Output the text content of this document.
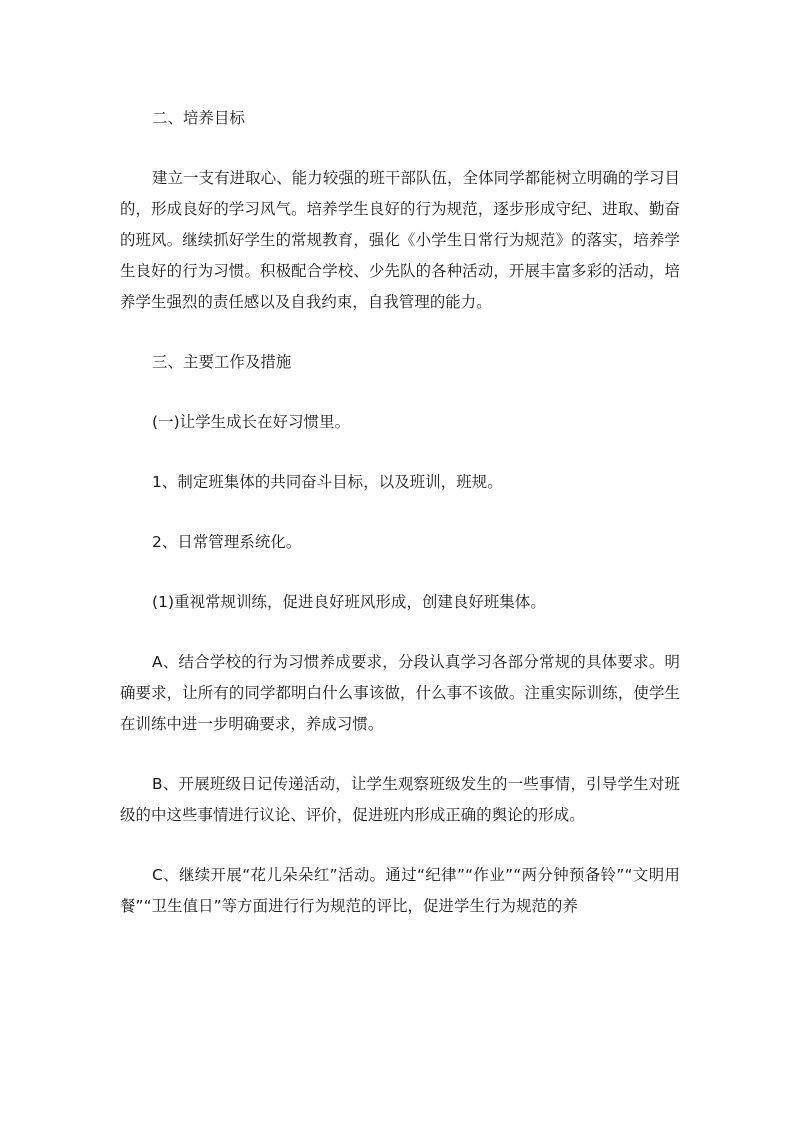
二、培养目标

建立一支有进取心、能力较强的班干部队伍，全体同学都能树立明确的学习目的，形成良好的学习风气。培养学生良好的行为规范，逐步形成守纪、进取、勤奋的班风。继续抓好学生的常规教育，强化《小学生日常行为规范》的落实，培养学生良好的行为习惯。积极配合学校、少先队的各种活动，开展丰富多彩的活动，培养学生强烈的责任感以及自我约束，自我管理的能力。

三、主要工作及措施

(一)让学生成长在好习惯里。

1、制定班集体的共同奋斗目标，以及班训，班规。

2、日常管理系统化。

(1)重视常规训练，促进良好班风形成，创建良好班集体。

A、结合学校的行为习惯养成要求，分段认真学习各部分常规的具体要求。明确要求，让所有的同学都明白什么事该做，什么事不该做。注重实际训练，使学生在训练中进一步明确要求，养成习惯。

B、开展班级日记传递活动，让学生观察班级发生的一些事情，引导学生对班级的中这些事情进行议论、评价，促进班内形成正确的舆论的形成。

C、继续开展“花儿朵朵红”活动。通过“纪律”“作业”“两分钟预备铃”“文明用餐”“卫生值日”等方面进行行为规范的评比，促进学生行为规范的养
